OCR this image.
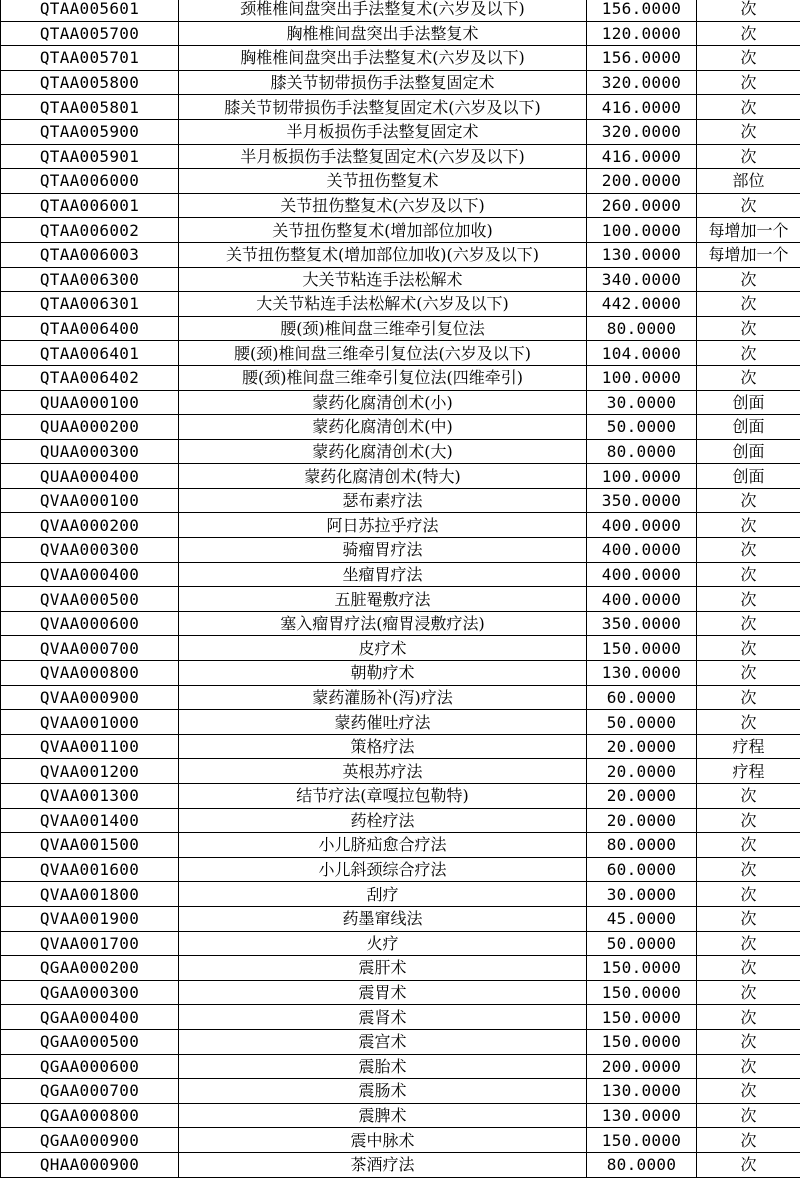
QTAA005601	颈椎椎间盘突出手法整复术(六岁及以下)	156.0000	次
QTAA005700	胸椎椎间盘突出手法整复术	120.0000	次
QTAA005701	胸椎椎间盘突出手法整复术(六岁及以下)	156.0000	次
QTAA005800	膝关节韧带损伤手法整复固定术	320.0000	次
QTAA005801	膝关节韧带损伤手法整复固定术(六岁及以下)	416.0000	次
QTAA005900	半月板损伤手法整复固定术	320.0000	次
QTAA005901	半月板损伤手法整复固定术(六岁及以下)	416.0000	次
QTAA006000	关节扭伤整复术	200.0000	部位
QTAA006001	关节扭伤整复术(六岁及以下)	260.0000	次
QTAA006002	关节扭伤整复术(增加部位加收)	100.0000	每增加一个
QTAA006003	关节扭伤整复术(增加部位加收)(六岁及以下)	130.0000	每增加一个
QTAA006300	大关节粘连手法松解术	340.0000	次
QTAA006301	大关节粘连手法松解术(六岁及以下)	442.0000	次
QTAA006400	腰(颈)椎间盘三维牵引复位法	80.0000	次
QTAA006401	腰(颈)椎间盘三维牵引复位法(六岁及以下)	104.0000	次
QTAA006402	腰(颈)椎间盘三维牵引复位法(四维牵引)	100.0000	次
QUAA000100	蒙药化腐清创术(小)	30.0000	创面
QUAA000200	蒙药化腐清创术(中)	50.0000	创面
QUAA000300	蒙药化腐清创术(大)	80.0000	创面
QUAA000400	蒙药化腐清创术(特大)	100.0000	创面
QVAA000100	瑟布素疗法	350.0000	次
QVAA000200	阿日苏拉乎疗法	400.0000	次
QVAA000300	骑瘤胃疗法	400.0000	次
QVAA000400	坐瘤胃疗法	400.0000	次
QVAA000500	五脏罨敷疗法	400.0000	次
QVAA000600	塞入瘤胃疗法(瘤胃浸敷疗法)	350.0000	次
QVAA000700	皮疗术	150.0000	次
QVAA000800	朝勒疗术	130.0000	次
QVAA000900	蒙药灌肠补(泻)疗法	60.0000	次
QVAA001000	蒙药催吐疗法	50.0000	次
QVAA001100	策格疗法	20.0000	疗程
QVAA001200	英根苏疗法	20.0000	疗程
QVAA001300	结节疗法(章嘎拉包勒特)	20.0000	次
QVAA001400	药栓疗法	20.0000	次
QVAA001500	小儿脐疝愈合疗法	80.0000	次
QVAA001600	小儿斜颈综合疗法	60.0000	次
QVAA001800	刮疗	30.0000	次
QVAA001900	药墨窜线法	45.0000	次
QVAA001700	火疗	50.0000	次
QGAA000200	震肝术	150.0000	次
QGAA000300	震胃术	150.0000	次
QGAA000400	震肾术	150.0000	次
QGAA000500	震宫术	150.0000	次
QGAA000600	震胎术	200.0000	次
QGAA000700	震肠术	130.0000	次
QGAA000800	震脾术	130.0000	次
QGAA000900	震中脉术	150.0000	次
QHAA000900	茶酒疗法	80.0000	次
